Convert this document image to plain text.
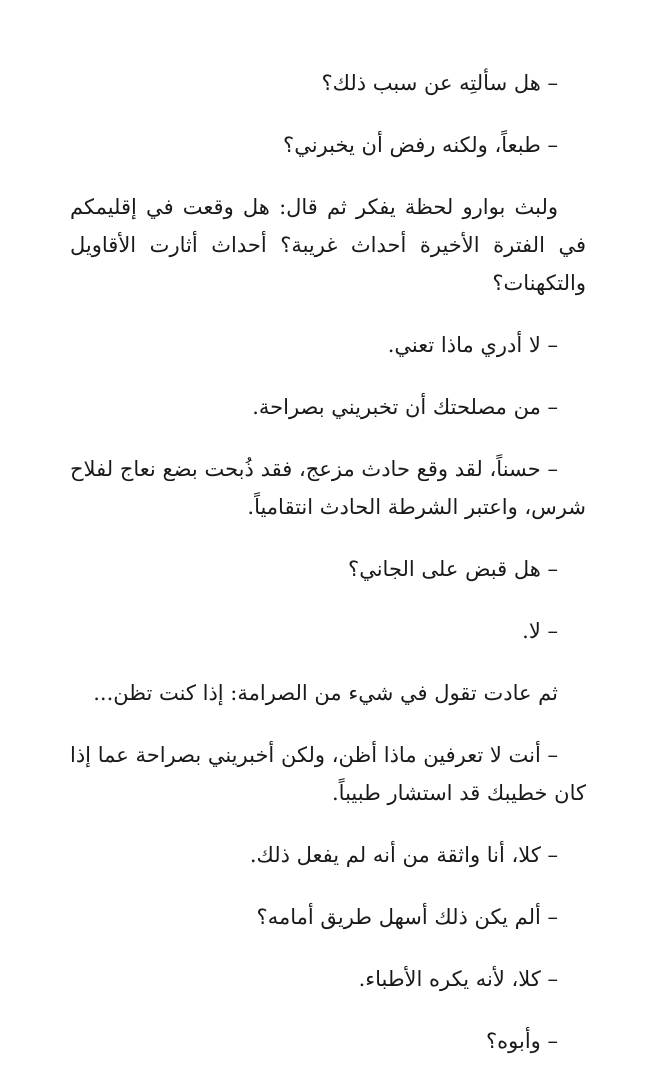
– هل سألتِه عن سبب ذلك؟

– طبعاً، ولكنه رفض أن يخبرني؟

ولبث بوارو لحظة يفكر ثم قال: هل وقعت في إقليمكم في الفترة الأخيرة أحداث غريبة؟ أحداث أثارت الأقاويل والتكهنات؟

– لا أدري ماذا تعني.

– من مصلحتك أن تخبريني بصراحة.

– حسناً، لقد وقع حادث مزعج، فقد ذُبحت بضع نعاج لفلاح شرس، واعتبر الشرطة الحادث انتقامياً.

– هل قبض على الجاني؟

– لا.

ثم عادت تقول في شيء من الصرامة: إذا كنت تظن...

– أنت لا تعرفين ماذا أظن، ولكن أخبريني بصراحة عما إذا كان خطيبك قد استشار طبيباً.

– كلا، أنا واثقة من أنه لم يفعل ذلك.

– ألم يكن ذلك أسهل طريق أمامه؟

– كلا، لأنه يكره الأطباء.

– وأبوه؟
